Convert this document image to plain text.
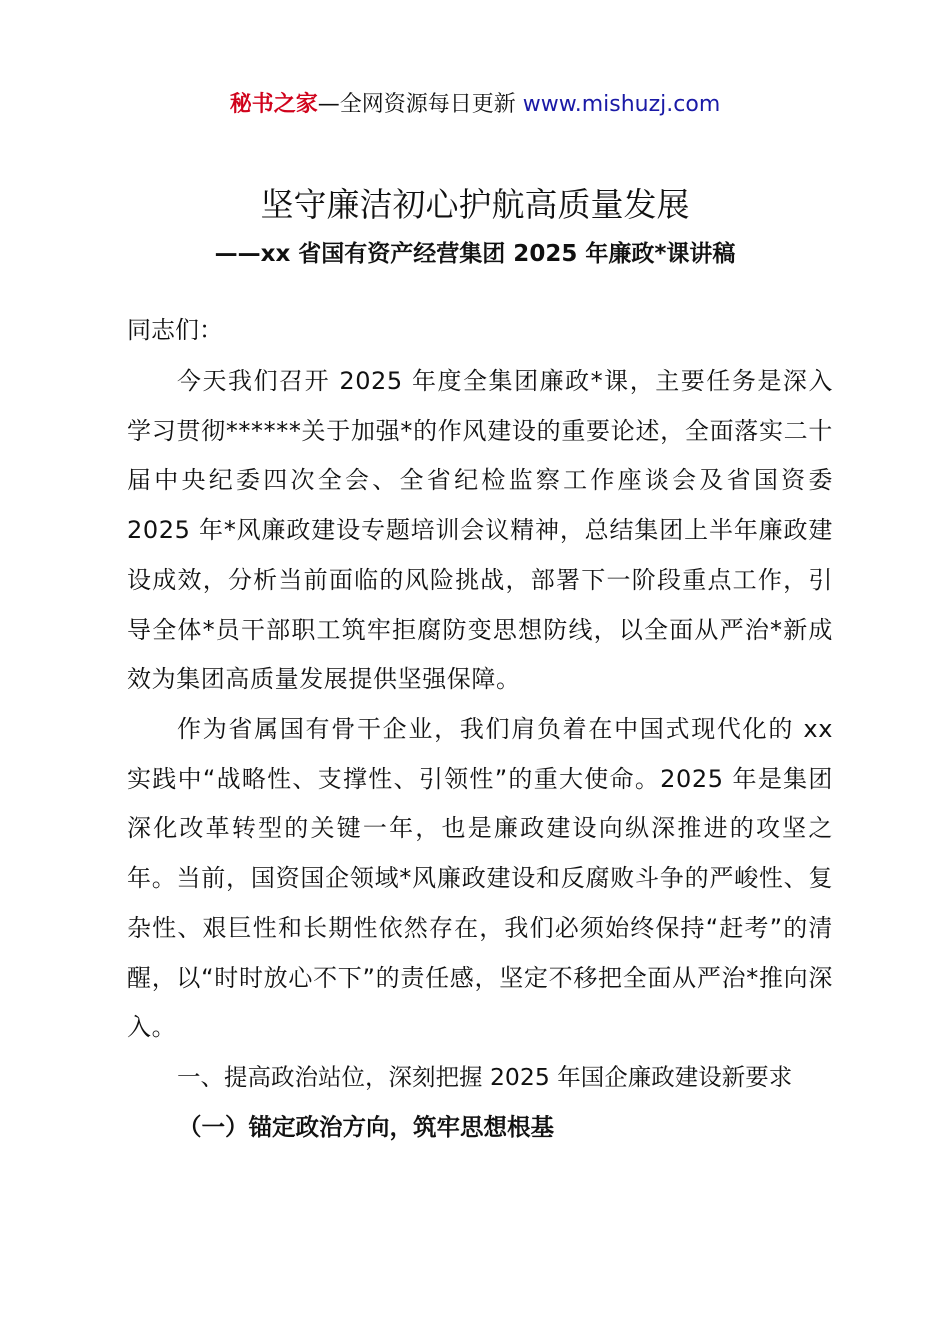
秘书之家—全网资源每日更新 www.mishuzj.com
坚守廉洁初心护航高质量发展
——xx 省国有资产经营集团 2025 年廉政*课讲稿
同志们：

今天我们召开 2025 年度全集团廉政*课，主要任务是深入学习贯彻******关于加强*的作风建设的重要论述，全面落实二十届中央纪委四次全会、全省纪检监察工作座谈会及省国资委 2025 年*风廉政建设专题培训会议精神，总结集团上半年廉政建设成效，分析当前面临的风险挑战，部署下一阶段重点工作，引导全体*员干部职工筑牢拒腐防变思想防线，以全面从严治*新成效为集团高质量发展提供坚强保障。

作为省属国有骨干企业，我们肩负着在中国式现代化的 xx 实践中“战略性、支撑性、引领性”的重大使命。2025 年是集团深化改革转型的关键一年，也是廉政建设向纵深推进的攻坚之年。当前，国资国企领域*风廉政建设和反腐败斗争的严峻性、复杂性、艰巨性和长期性依然存在，我们必须始终保持“赶考”的清醒，以“时时放心不下”的责任感，坚定不移把全面从严治*推向深入。

一、提高政治站位，深刻把握 2025 年国企廉政建设新要求
（一）锚定政治方向，筑牢思想根基
